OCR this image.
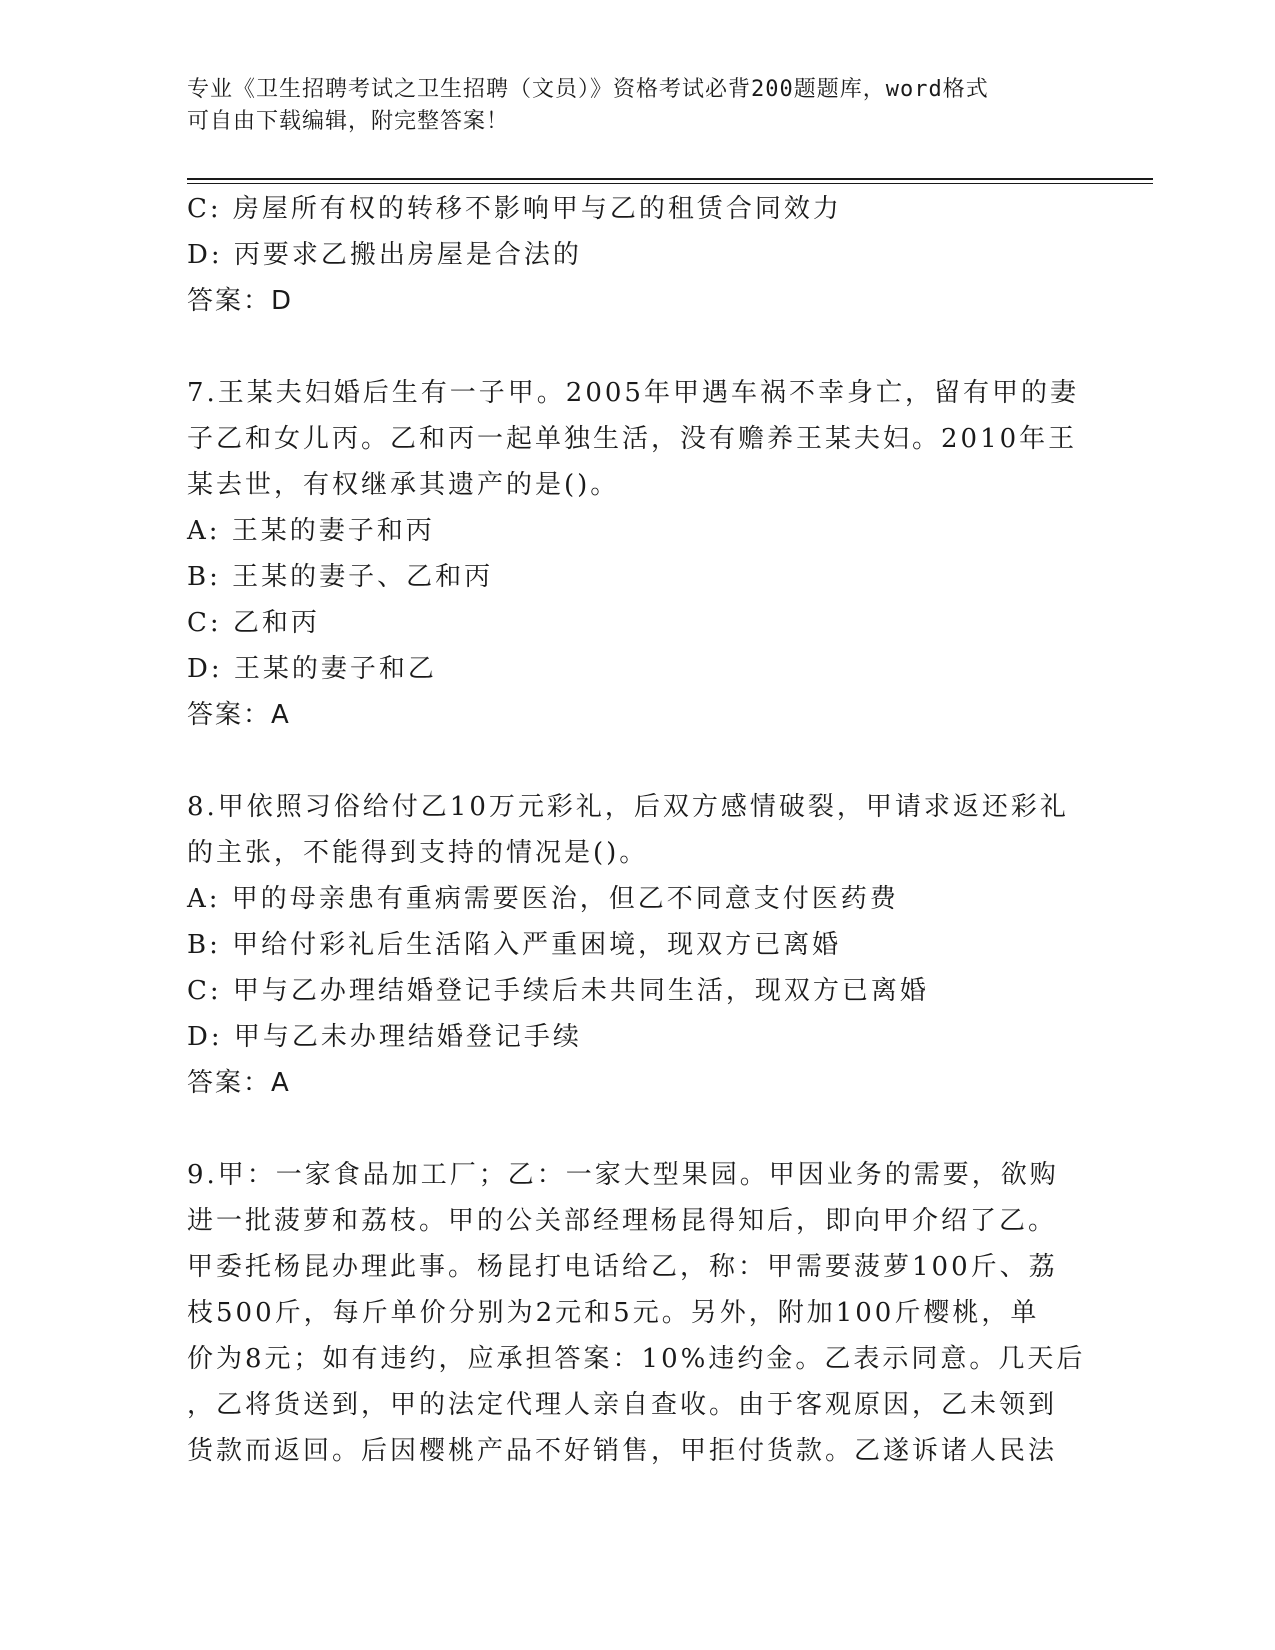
专业《卫生招聘考试之卫生招聘（文员）》资格考试必背200题题库，word格式
可自由下载编辑，附完整答案！
C: 房屋所有权的转移不影响甲与乙的租赁合同效力
D: 丙要求乙搬出房屋是合法的
答案：D
7.王某夫妇婚后生有一子甲。2005年甲遇车祸不幸身亡，留有甲的妻
子乙和女儿丙。乙和丙一起单独生活，没有赡养王某夫妇。2010年王
某去世，有权继承其遗产的是()。
A: 王某的妻子和丙
B: 王某的妻子、乙和丙
C: 乙和丙
D: 王某的妻子和乙
答案：A
8.甲依照习俗给付乙10万元彩礼，后双方感情破裂，甲请求返还彩礼
的主张，不能得到支持的情况是()。
A: 甲的母亲患有重病需要医治，但乙不同意支付医药费
B: 甲给付彩礼后生活陷入严重困境，现双方已离婚
C: 甲与乙办理结婚登记手续后未共同生活，现双方已离婚
D: 甲与乙未办理结婚登记手续
答案：A
9.甲：一家食品加工厂；乙：一家大型果园。甲因业务的需要，欲购
进一批菠萝和荔枝。甲的公关部经理杨昆得知后，即向甲介绍了乙。
甲委托杨昆办理此事。杨昆打电话给乙，称：甲需要菠萝100斤、荔
枝500斤，每斤单价分别为2元和5元。另外，附加100斤樱桃，单
价为8元；如有违约，应承担答案：10%违约金。乙表示同意。几天后
，乙将货送到，甲的法定代理人亲自查收。由于客观原因，乙未领到
货款而返回。后因樱桃产品不好销售，甲拒付货款。乙遂诉诸人民法
